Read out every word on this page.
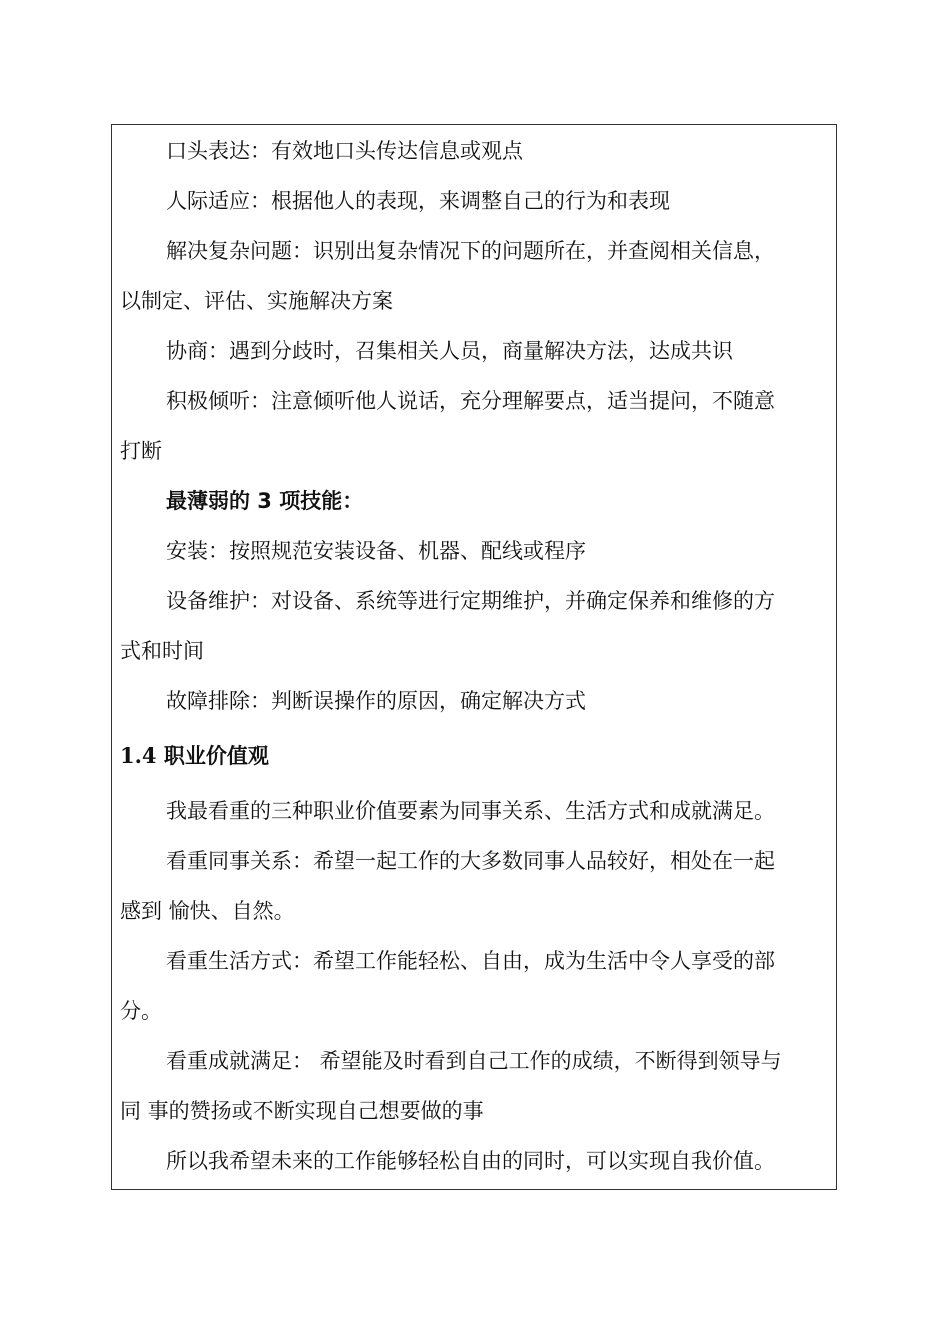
口头表达：有效地口头传达信息或观点

人际适应：根据他人的表现，来调整自己的行为和表现

解决复杂问题：识别出复杂情况下的问题所在，并查阅相关信息，

以制定、评估、实施解决方案

协商：遇到分歧时，召集相关人员，商量解决方法，达成共识

积极倾听：注意倾听他人说话，充分理解要点，适当提问，不随意

打断

最薄弱的 3 项技能：

安装：按照规范安装设备、机器、配线或程序

设备维护：对设备、系统等进行定期维护，并确定保养和维修的方

式和时间

故障排除：判断误操作的原因，确定解决方式

1.4 职业价值观

我最看重的三种职业价值要素为同事关系、生活方式和成就满足。

看重同事关系：希望一起工作的大多数同事人品较好，相处在一起

感到 愉快、自然。

看重生活方式：希望工作能轻松、自由，成为生活中令人享受的部

分。

看重成就满足： 希望能及时看到自己工作的成绩，不断得到领导与

同 事的赞扬或不断实现自己想要做的事

所以我希望未来的工作能够轻松自由的同时，可以实现自我价值。
